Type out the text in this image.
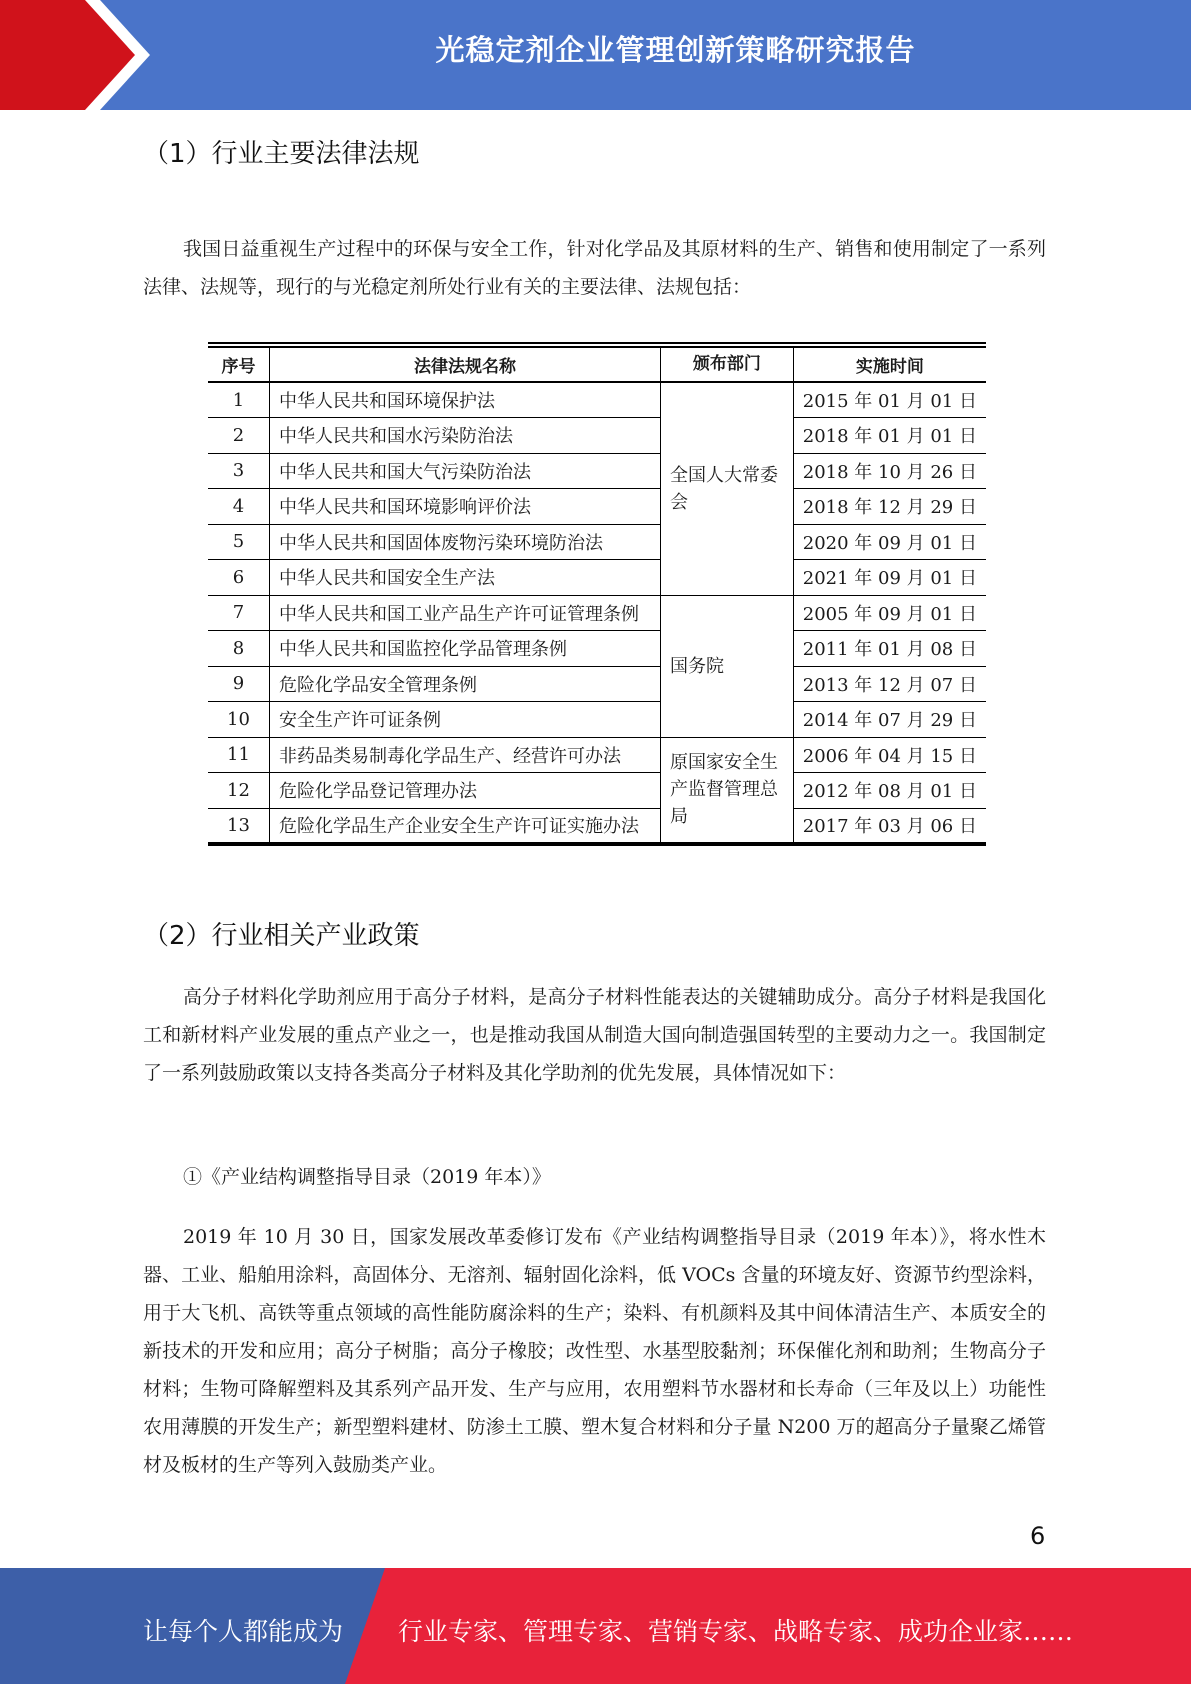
光稳定剂企业管理创新策略研究报告
（1）行业主要法律法规

我国日益重视生产过程中的环保与安全工作，针对化学品及其原材料的生产、销售和使用制定了一系列法律、法规等，现行的与光稳定剂所处行业有关的主要法律、法规包括：

序号	法律法规名称	颁布部门	实施时间
1	中华人民共和国环境保护法	全国人大常委会	2015 年 01 月 01 日
2	中华人民共和国水污染防治法		2018 年 01 月 01 日
3	中华人民共和国大气污染防治法		2018 年 10 月 26 日
4	中华人民共和国环境影响评价法		2018 年 12 月 29 日
5	中华人民共和国固体废物污染环境防治法		2020 年 09 月 01 日
6	中华人民共和国安全生产法		2021 年 09 月 01 日
7	中华人民共和国工业产品生产许可证管理条例	国务院	2005 年 09 月 01 日
8	中华人民共和国监控化学品管理条例		2011 年 01 月 08 日
9	危险化学品安全管理条例		2013 年 12 月 07 日
10	安全生产许可证条例		2014 年 07 月 29 日
11	非药品类易制毒化学品生产、经营许可办法	原国家安全生产监督管理总局	2006 年 04 月 15 日
12	危险化学品登记管理办法		2012 年 08 月 01 日
13	危险化学品生产企业安全生产许可证实施办法		2017 年 03 月 06 日
（2）行业相关产业政策

高分子材料化学助剂应用于高分子材料，是高分子材料性能表达的关键辅助成分。高分子材料是我国化工和新材料产业发展的重点产业之一，也是推动我国从制造大国向制造强国转型的主要动力之一。我国制定了一系列鼓励政策以支持各类高分子材料及其化学助剂的优先发展，具体情况如下：

①《产业结构调整指导目录（2019 年本）》

2019 年 10 月 30 日，国家发展改革委修订发布《产业结构调整指导目录（2019 年本）》，将水性木器、工业、船舶用涂料，高固体分、无溶剂、辐射固化涂料，低 VOCs 含量的环境友好、资源节约型涂料，用于大飞机、高铁等重点领域的高性能防腐涂料的生产；染料、有机颜料及其中间体清洁生产、本质安全的新技术的开发和应用；高分子树脂；高分子橡胶；改性型、水基型胶黏剂；环保催化剂和助剂；生物高分子材料；生物可降解塑料及其系列产品开发、生产与应用，农用塑料节水器材和长寿命（三年及以上）功能性农用薄膜的开发生产；新型塑料建材、防渗土工膜、塑木复合材料和分子量 N200 万的超高分子量聚乙烯管材及板材的生产等列入鼓励类产业。

6
让每个人都能成为 行业专家、管理专家、营销专家、战略专家、成功企业家……
